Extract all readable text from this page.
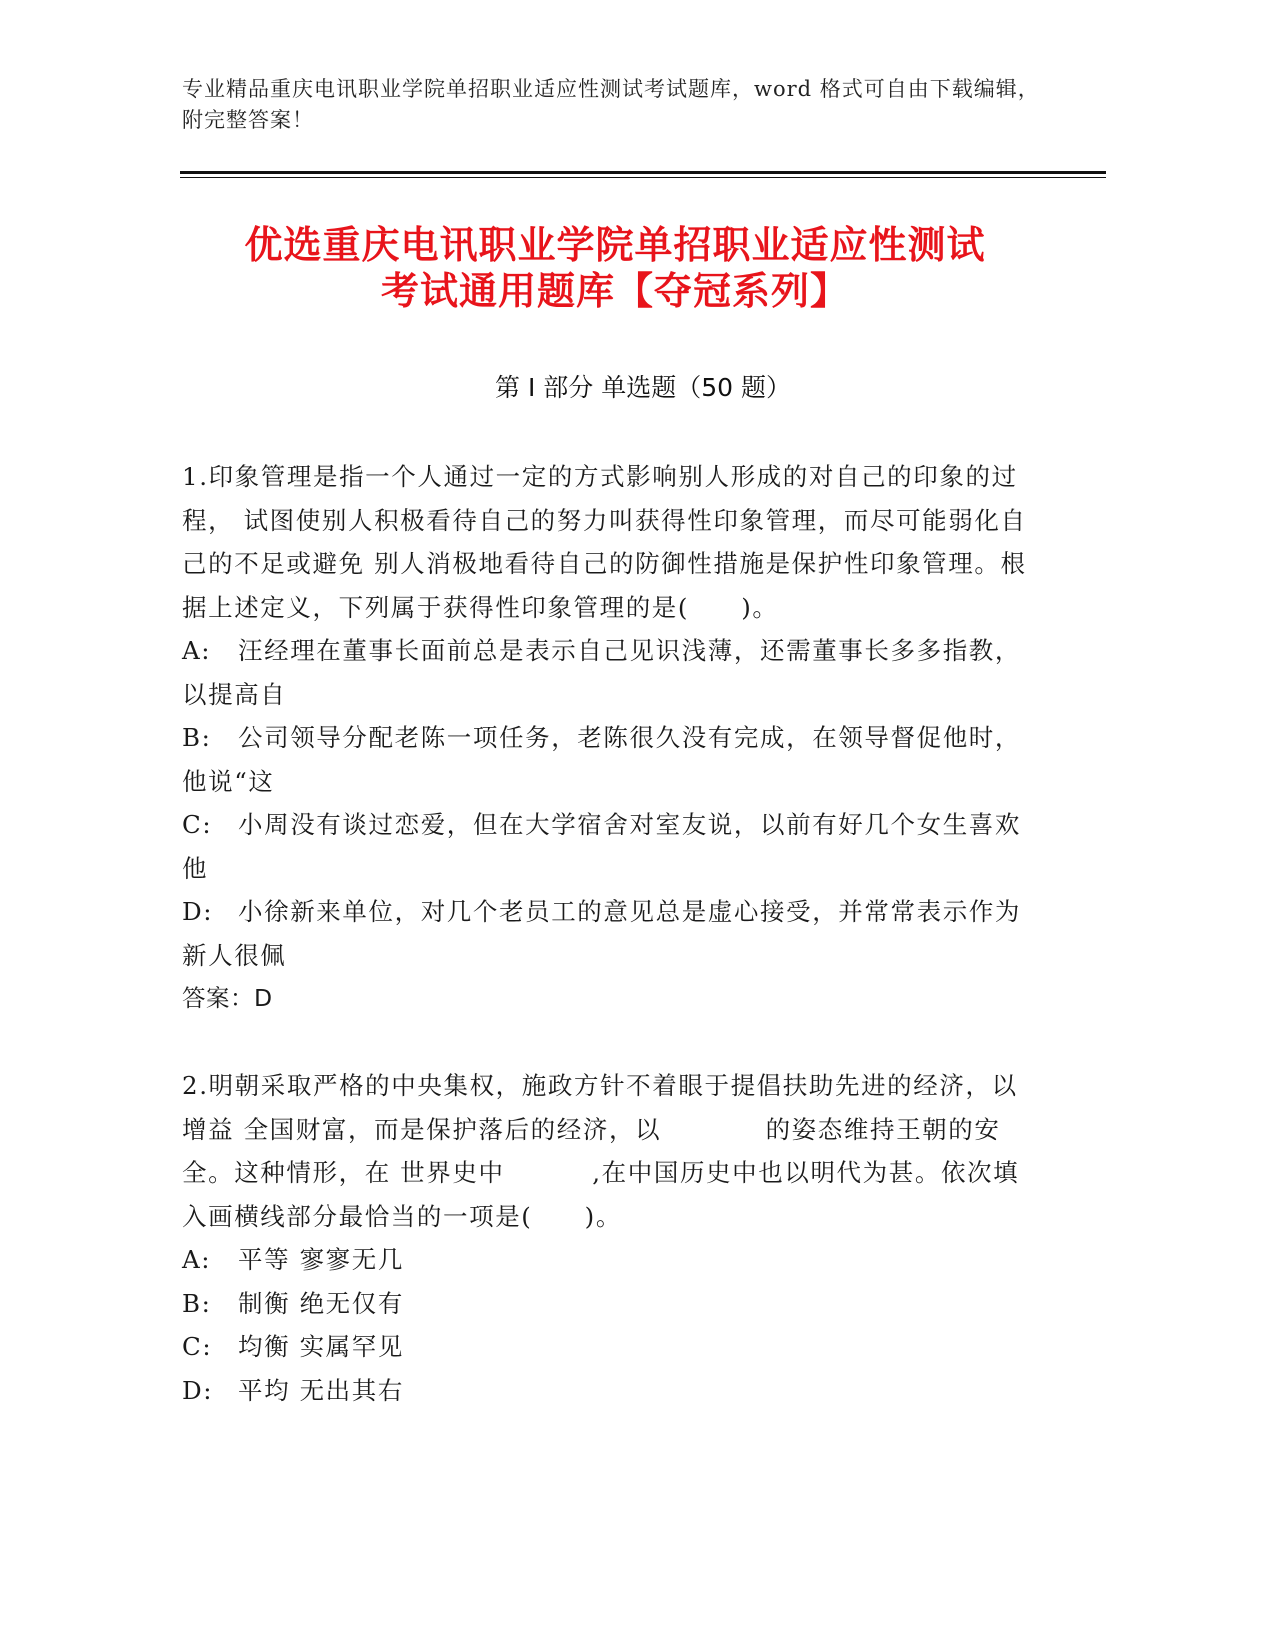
专业精品重庆电讯职业学院单招职业适应性测试考试题库，word 格式可自由下载编辑，附完整答案！
优选重庆电讯职业学院单招职业适应性测试
考试通用题库【夺冠系列】
第 I 部分 单选题（50 题）

1.印象管理是指一个人通过一定的方式影响别人形成的对自己的印象的过程， 试图使别人积极看待自己的努力叫获得性印象管理，而尽可能弱化自己的不足或避免 别人消极地看待自己的防御性措施是保护性印象管理。根据上述定义，下列属于获得性印象管理的是(　　)。

A: 汪经理在董事长面前总是表示自己见识浅薄，还需董事长多多指教，以提高自

B: 公司领导分配老陈一项任务，老陈很久没有完成，在领导督促他时，他说“这

C: 小周没有谈过恋爱，但在大学宿舍对室友说，以前有好几个女生喜欢他

D: 小徐新来单位，对几个老员工的意见总是虚心接受，并常常表示作为新人很佩

答案：D

2.明朝采取严格的中央集权，施政方针不着眼于提倡扶助先进的经济，以增益 全国财富，而是保护落后的经济，以　　　　的姿态维持王朝的安全。这种情形，在 世界史中　　　 ,在中国历史中也以明代为甚。依次填入画横线部分最恰当的一项是(　　)。

A: 平等 寥寥无几

B: 制衡 绝无仅有

C: 均衡 实属罕见

D: 平均 无出其右
